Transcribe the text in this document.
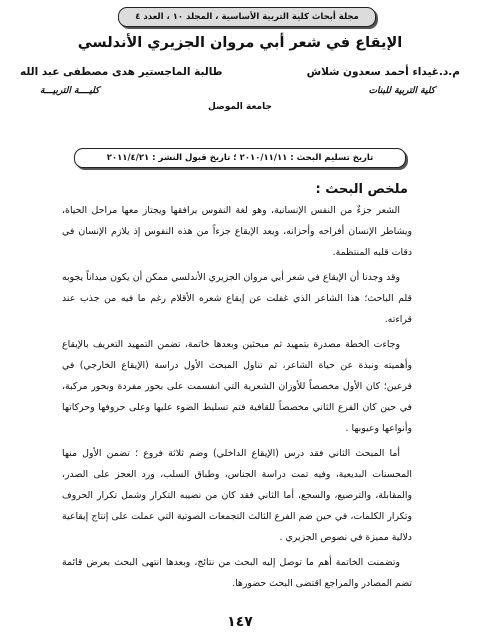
مجلة أبحاث كلية التربية الأساسية ، المجلد ١٠ ، العدد ٤
الإيقاع في شعر أبي مروان الجزيري الأندلسي
م.د.غيداء أحمد سعدون شلاش
طالبة الماجستير هدى مصطفى عبد الله
كلية التربية للبنات
كليــــة التربيـــة
جامعة الموصل
تاريخ تسليم البحث : ٢٠١٠/١١/١١ ؛ تاريخ قبول النشر : ٢٠١١/٤/٢١
ملخص البحث :

الشعر جزءٌ من النفس الإنسانية، وهو لغة النفوس يرافقها ويجتاز معها مراحل الحياة، ويشاطر الإنسان أفراحه وأحزانه، ويعد الإيقاع جزءاً من هذه النفوس إذ يلازم الإنسان في دقات قلبه المنتظمة.

وقد وجدنا أن الإيقاع في شعر أبي مروان الجزيري الأندلسي ممكن أن يكون ميداناً يجوبه قلم الباحث؛ هذا الشاعر الذي غفلت عن إيقاع شعره الأقلام رغم ما فيه من جذب عند قراءته.

وجاءت الخطة مصدرة بتمهيد ثم مبحثين وبعدها خاتمة، تضمن التمهيد التعريف بالإيقاع وأهميته ونبذة عن حياة الشاعر، ثم تناول المبحث الأول دراسة (الإيقاع الخارجي) في فرعين؛ كان الأول مخصصاً للأوزان الشعرية التي انفسمت على بحور مفردة وبحور مركبة، في حين كان الفرع الثاني مخصصاً للقافية فتم تسليط الضوء عليها وعلى حروفها وحركاتها وأنواعها وعيوبها .

أما المبحث الثاني فقد درس (الإيقاع الداخلي) وضم ثلاثة فروع ؛ تضمن الأول منها المحسنات البديعية، وفيه تمت دراسة الجناس، وطباق السلب، ورد العجز على الصدر، والمقابلة، والترصيع، والسجع، أما الثاني فقد كان من نصيبه التكرار وشمل تكرار الحروف وتكرار الكلمات، في حين ضم الفرع الثالث التجمعات الصوتية التي عملت على إنتاج إيقاعية دلالية مميزة في نصوص الجزيري .

وتضمنت الخاتمة أهم ما توصل إليه البحث من نتائج، وبعدها انتهى البحث بعرض قائمة تضم المصادر والمراجع اقتضى البحث حضورها.

١٤٧
